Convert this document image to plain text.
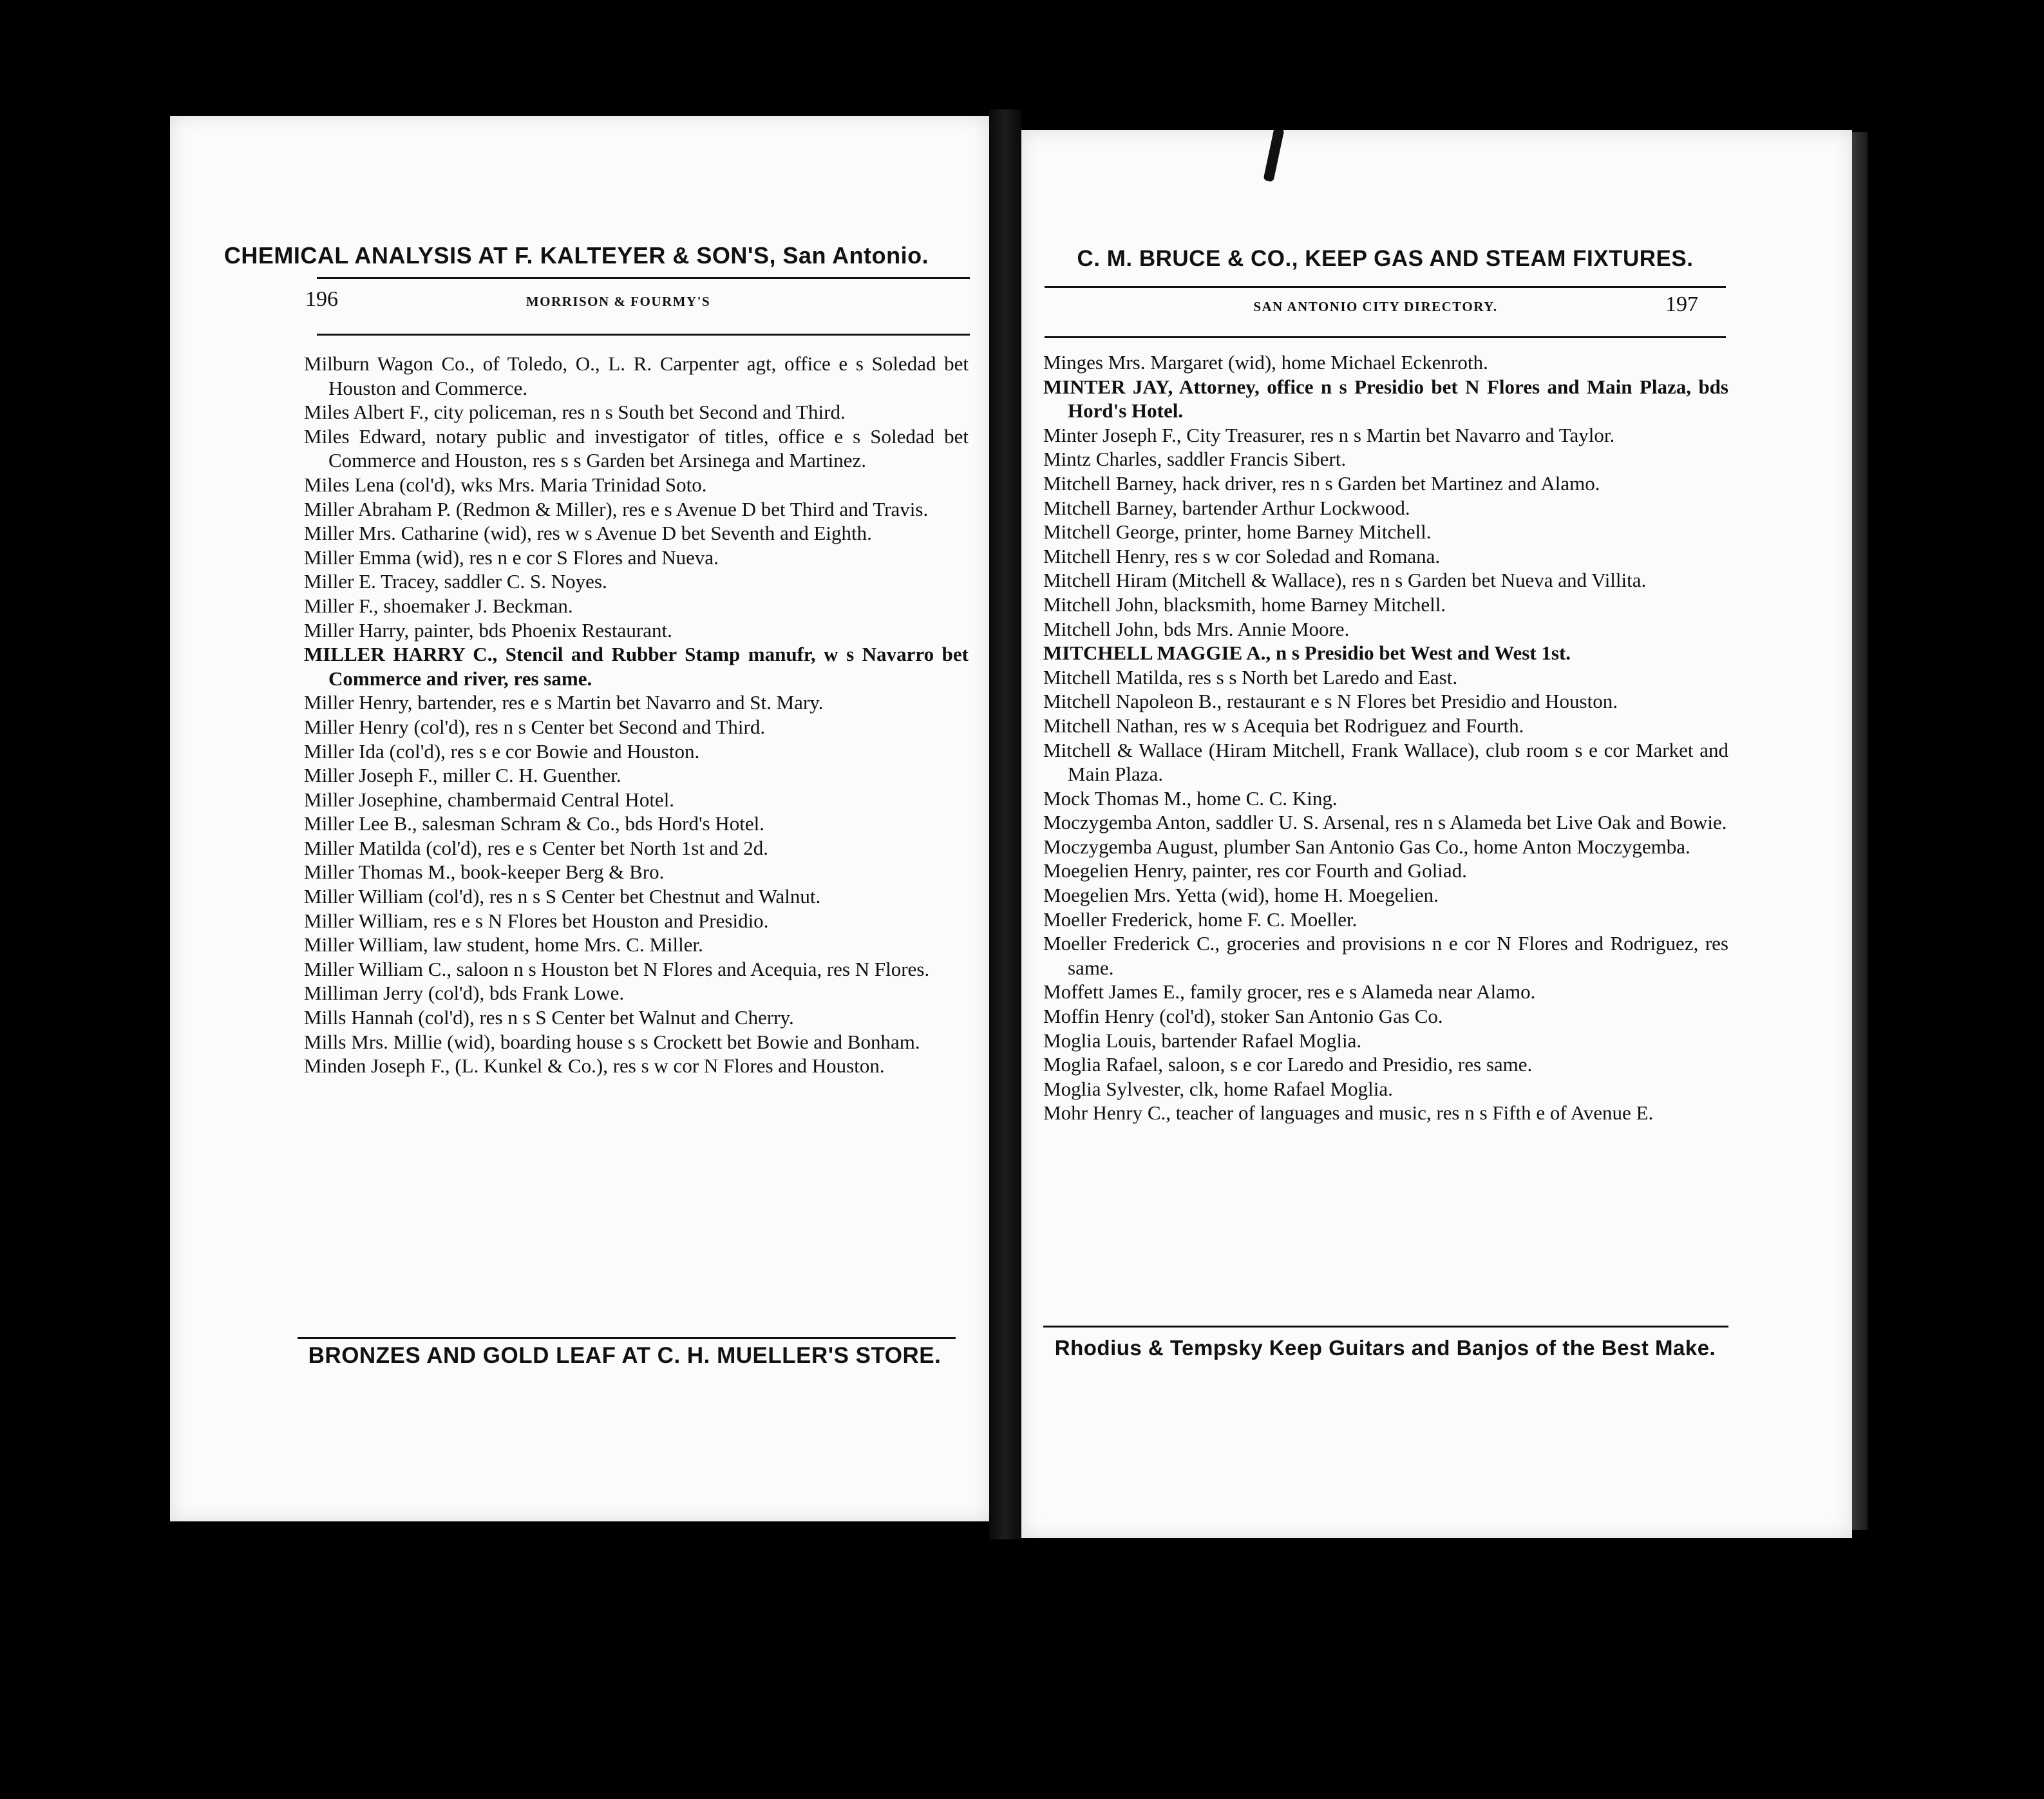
CHEMICAL ANALYSIS AT F. KALTEYER & SON'S, San Antonio.
196	MORRISON & FOURMY'S
Milburn Wagon Co., of Toledo, O., L. R. Carpenter agt, office e s Soledad bet Houston and Commerce.
Miles Albert F., city policeman, res n s South bet Second and Third.
Miles Edward, notary public and investigator of titles, office e s Soledad bet Commerce and Houston, res s s Garden bet Arsinega and Martinez.
Miles Lena (col'd), wks Mrs. Maria Trinidad Soto.
Miller Abraham P. (Redmon & Miller), res e s Avenue D bet Third and Travis.
Miller Mrs. Catharine (wid), res w s Avenue D bet Seventh and Eighth.
Miller Emma (wid), res n e cor S Flores and Nueva.
Miller E. Tracey, saddler C. S. Noyes.
Miller F., shoemaker J. Beckman.
Miller Harry, painter, bds Phoenix Restaurant.
MILLER HARRY C., Stencil and Rubber Stamp manufr, w s Navarro bet Commerce and river, res same.
Miller Henry, bartender, res e s Martin bet Navarro and St. Mary.
Miller Henry (col'd), res n s Center bet Second and Third.
Miller Ida (col'd), res s e cor Bowie and Houston.
Miller Joseph F., miller C. H. Guenther.
Miller Josephine, chambermaid Central Hotel.
Miller Lee B., salesman Schram & Co., bds Hord's Hotel.
Miller Matilda (col'd), res e s Center bet North 1st and 2d.
Miller Thomas M., book-keeper Berg & Bro.
Miller William (col'd), res n s S Center bet Chestnut and Walnut.
Miller William, res e s N Flores bet Houston and Presidio.
Miller William, law student, home Mrs. C. Miller.
Miller William C., saloon n s Houston bet N Flores and Acequia, res N Flores.
Milliman Jerry (col'd), bds Frank Lowe.
Mills Hannah (col'd), res n s S Center bet Walnut and Cherry.
Mills Mrs. Millie (wid), boarding house s s Crockett bet Bowie and Bonham.
Minden Joseph F., (L. Kunkel & Co.), res s w cor N Flores and Houston.
BRONZES AND GOLD LEAF AT C. H. MUELLER'S STORE.
C. M. BRUCE & CO., KEEP GAS AND STEAM FIXTURES.
SAN ANTONIO CITY DIRECTORY.	197
Minges Mrs. Margaret (wid), home Michael Eckenroth.
MINTER JAY, Attorney, office n s Presidio bet N Flores and Main Plaza, bds Hord's Hotel.
Minter Joseph F., City Treasurer, res n s Martin bet Navarro and Taylor.
Mintz Charles, saddler Francis Sibert.
Mitchell Barney, hack driver, res n s Garden bet Martinez and Alamo.
Mitchell Barney, bartender Arthur Lockwood.
Mitchell George, printer, home Barney Mitchell.
Mitchell Henry, res s w cor Soledad and Romana.
Mitchell Hiram (Mitchell & Wallace), res n s Garden bet Nueva and Villita.
Mitchell John, blacksmith, home Barney Mitchell.
Mitchell John, bds Mrs. Annie Moore.
MITCHELL MAGGIE A., n s Presidio bet West and West 1st.
Mitchell Matilda, res s s North bet Laredo and East.
Mitchell Napoleon B., restaurant e s N Flores bet Presidio and Houston.
Mitchell Nathan, res w s Acequia bet Rodriguez and Fourth.
Mitchell & Wallace (Hiram Mitchell, Frank Wallace), club room s e cor Market and Main Plaza.
Mock Thomas M., home C. C. King.
Moczygemba Anton, saddler U. S. Arsenal, res n s Alameda bet Live Oak and Bowie.
Moczygemba August, plumber San Antonio Gas Co., home Anton Moczygemba.
Moegelien Henry, painter, res cor Fourth and Goliad.
Moegelien Mrs. Yetta (wid), home H. Moegelien.
Moeller Frederick, home F. C. Moeller.
Moeller Frederick C., groceries and provisions n e cor N Flores and Rodriguez, res same.
Moffett James E., family grocer, res e s Alameda near Alamo.
Moffin Henry (col'd), stoker San Antonio Gas Co.
Moglia Louis, bartender Rafael Moglia.
Moglia Rafael, saloon, s e cor Laredo and Presidio, res same.
Moglia Sylvester, clk, home Rafael Moglia.
Mohr Henry C., teacher of languages and music, res n s Fifth e of Avenue E.
Rhodius & Tempsky Keep Guitars and Banjos of the Best Make.
